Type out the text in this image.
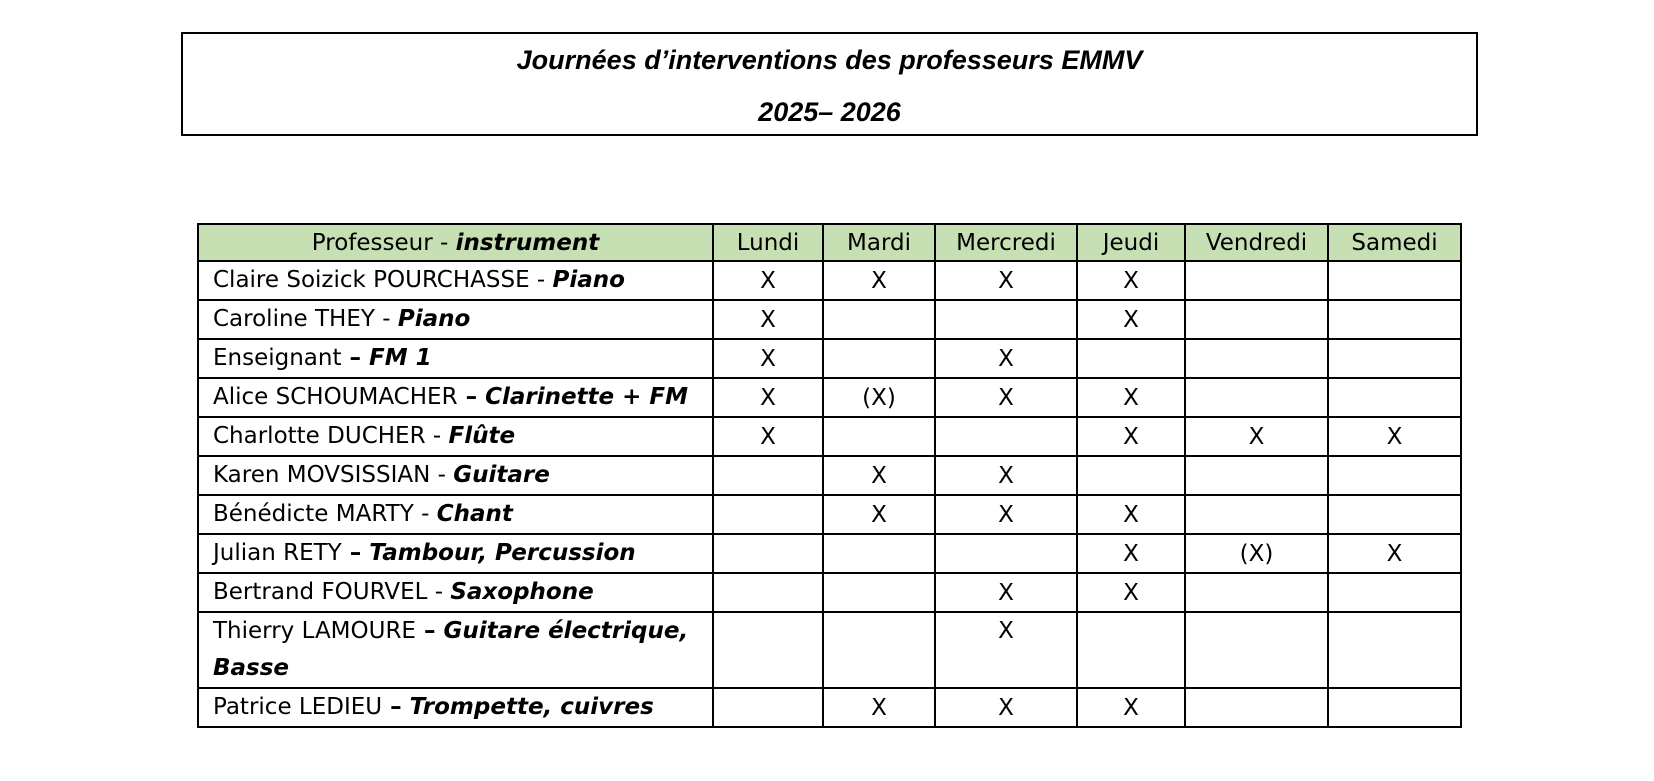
Journées d’interventions des professeurs EMMV
2025– 2026
Professeur - instrument	Lundi	Mardi	Mercredi	Jeudi	Vendredi	Samedi
Claire Soizick POURCHASSE - Piano	X	X	X	X		
Caroline THEY - Piano	X			X		
Enseignant – FM 1	X		X			
Alice SCHOUMACHER – Clarinette + FM	X	(X)	X	X		
Charlotte DUCHER - Flûte	X			X	X	X
Karen MOVSISSIAN - Guitare		X	X			
Bénédicte MARTY - Chant		X	X	X		
Julian RETY – Tambour, Percussion				X	(X)	X
Bertrand FOURVEL - Saxophone			X	X		
Thierry LAMOURE – Guitare électrique, Basse			X			
Patrice LEDIEU – Trompette, cuivres		X	X	X		
